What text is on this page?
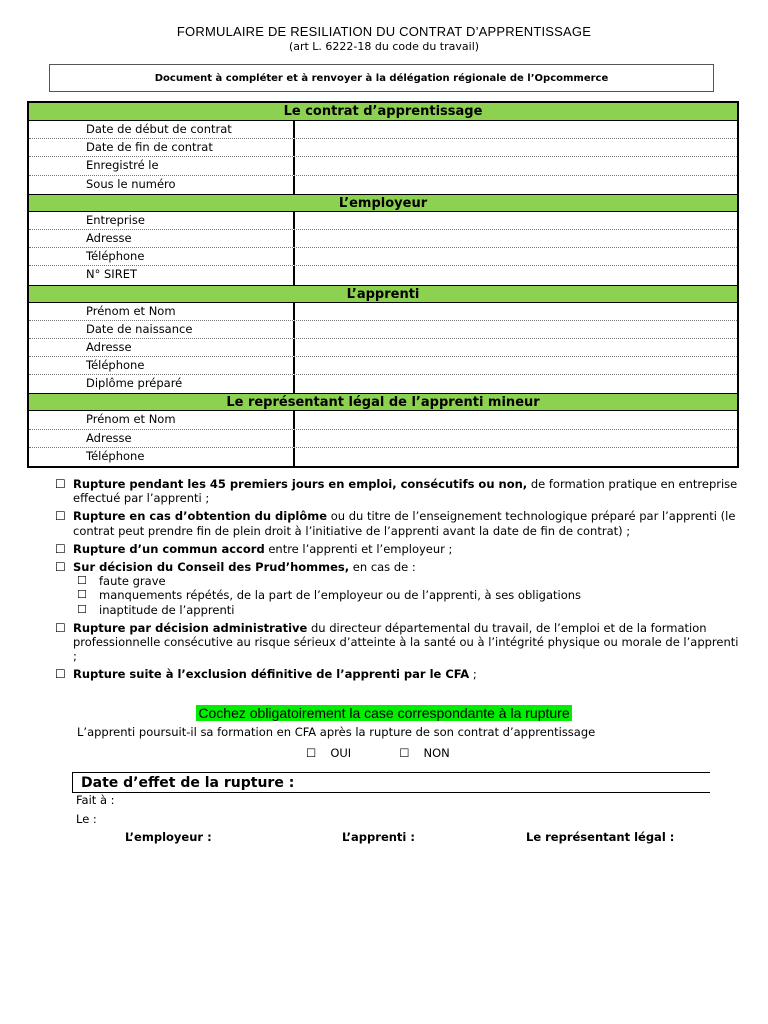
FORMULAIRE DE RESILIATION DU CONTRAT D’APPRENTISSAGE
(art L. 6222-18 du code du travail)
Document à compléter et à renvoyer à la délégation régionale de l’Opcommerce
Le contrat d’apprentissage
Date de début de contrat
Date de fin de contrat
Enregistré le
Sous le numéro
L’employeur
Entreprise
Adresse
Téléphone
N° SIRET
L’apprenti
Prénom et Nom
Date de naissance
Adresse
Téléphone
Diplôme préparé
Le représentant légal de l’apprenti mineur
Prénom et Nom
Adresse
Téléphone
☐ Rupture pendant les 45 premiers jours en emploi, consécutifs ou non, de formation pratique en entreprise effectué par l’apprenti ;
☐ Rupture en cas d’obtention du diplôme ou du titre de l’enseignement technologique préparé par l’apprenti (le contrat peut prendre fin de plein droit à l’initiative de l’apprenti avant la date de fin de contrat) ;
☐ Rupture d’un commun accord entre l’apprenti et l’employeur ;
☐ Sur décision du Conseil des Prud’hommes, en cas de :
☐	faute grave
☐	manquements répétés, de la part de l’employeur ou de l’apprenti, à ses obligations
☐	inaptitude de l’apprenti
☐ Rupture par décision administrative du directeur départemental du travail, de l’emploi et de la formation professionnelle consécutive au risque sérieux d’atteinte à la santé ou à l’intégrité physique ou morale de l’apprenti ;
☐ Rupture suite à l’exclusion définitive de l’apprenti par le CFA ;
Cochez obligatoirement la case correspondante à la rupture
L’apprenti poursuit-il sa formation en CFA après la rupture de son contrat d’apprentissage
☐ OUI	☐ NON
Date d’effet de la rupture :
Fait à :
Le :
L’employeur :	L’apprenti :	Le représentant légal :
